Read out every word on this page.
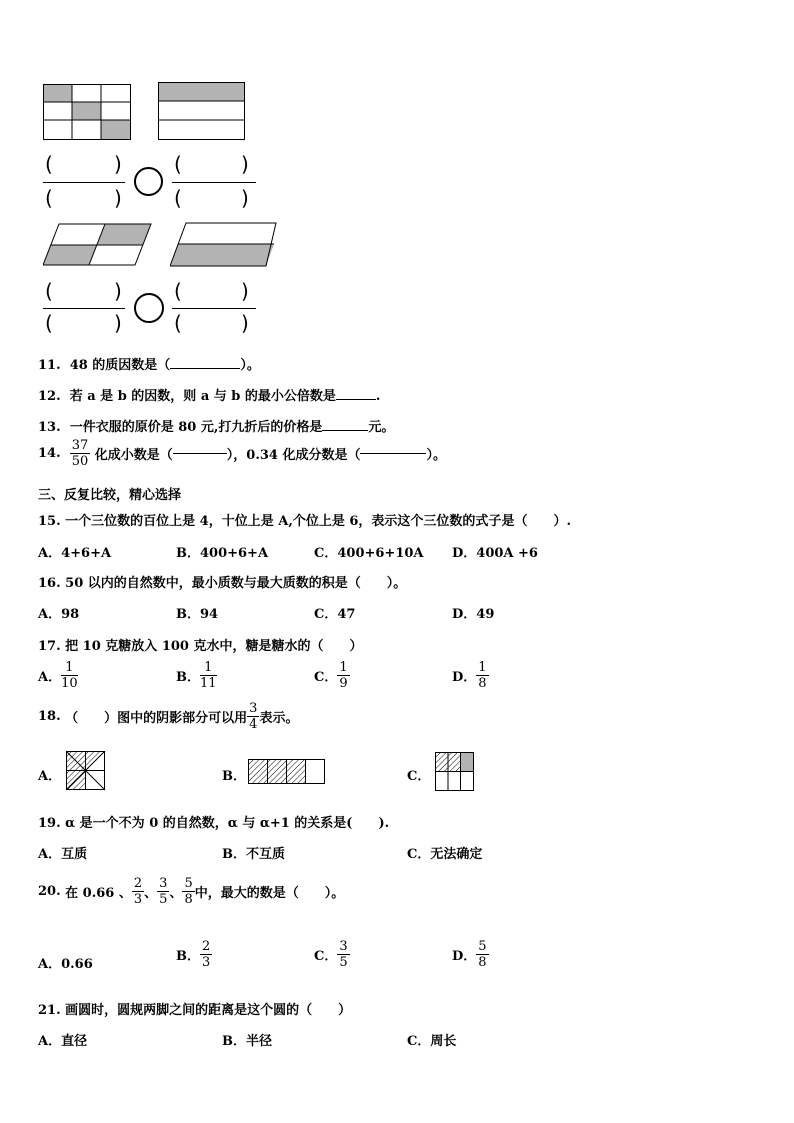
(	)
(	)
(	)
(	)
(	)
(	)
(	)
(	)
11. 48 的质因数是（	）。
12. 若 a 是 b 的因数，则 a 与 b 的最小公倍数是	.
13. 一件衣服的原价是 80 元,打九折后的价格是	元。
14. $\frac{37}{50}$ 化成小数是（	），0.34 化成分数是（	）。
三、反复比较，精心选择
15. 一个三位数的百位上是 4，十位上是 A,个位上是 6，表示这个三位数的式子是（　　）.
A．4+6+A	B．400+6+A	C．400+6+10A D．400A +6
16. 50 以内的自然数中，最小质数与最大质数的积是（　　）。
A．98	B．94	C．47	D．49
17. 把 10 克糖放入 100 克水中，糖是糖水的（　　）
A． $\frac{1}{10}$	B． $\frac{1}{11}$	C． $\frac{1}{9}$	D． $\frac{1}{8}$
18. （　　）图中的阴影部分可以用 $\frac{3}{4}$ 表示。
A．	B．	C．
19. α 是一个不为 0 的自然数，α 与 α+1 的关系是(　　).
A．互质	B．不互质	C．无法确定
20. 在 0.66 、 $\frac{2}{3}$ 、 $\frac{3}{5}$ 、 $\frac{5}{8}$ 中，最大的数是（　　）。
A．0.66
B． $\frac{2}{3}$	C． $\frac{3}{5}$	D． $\frac{5}{8}$
21. 画圆时，圆规两脚之间的距离是这个圆的（　　）
A．直径	B．半径	C．周长
